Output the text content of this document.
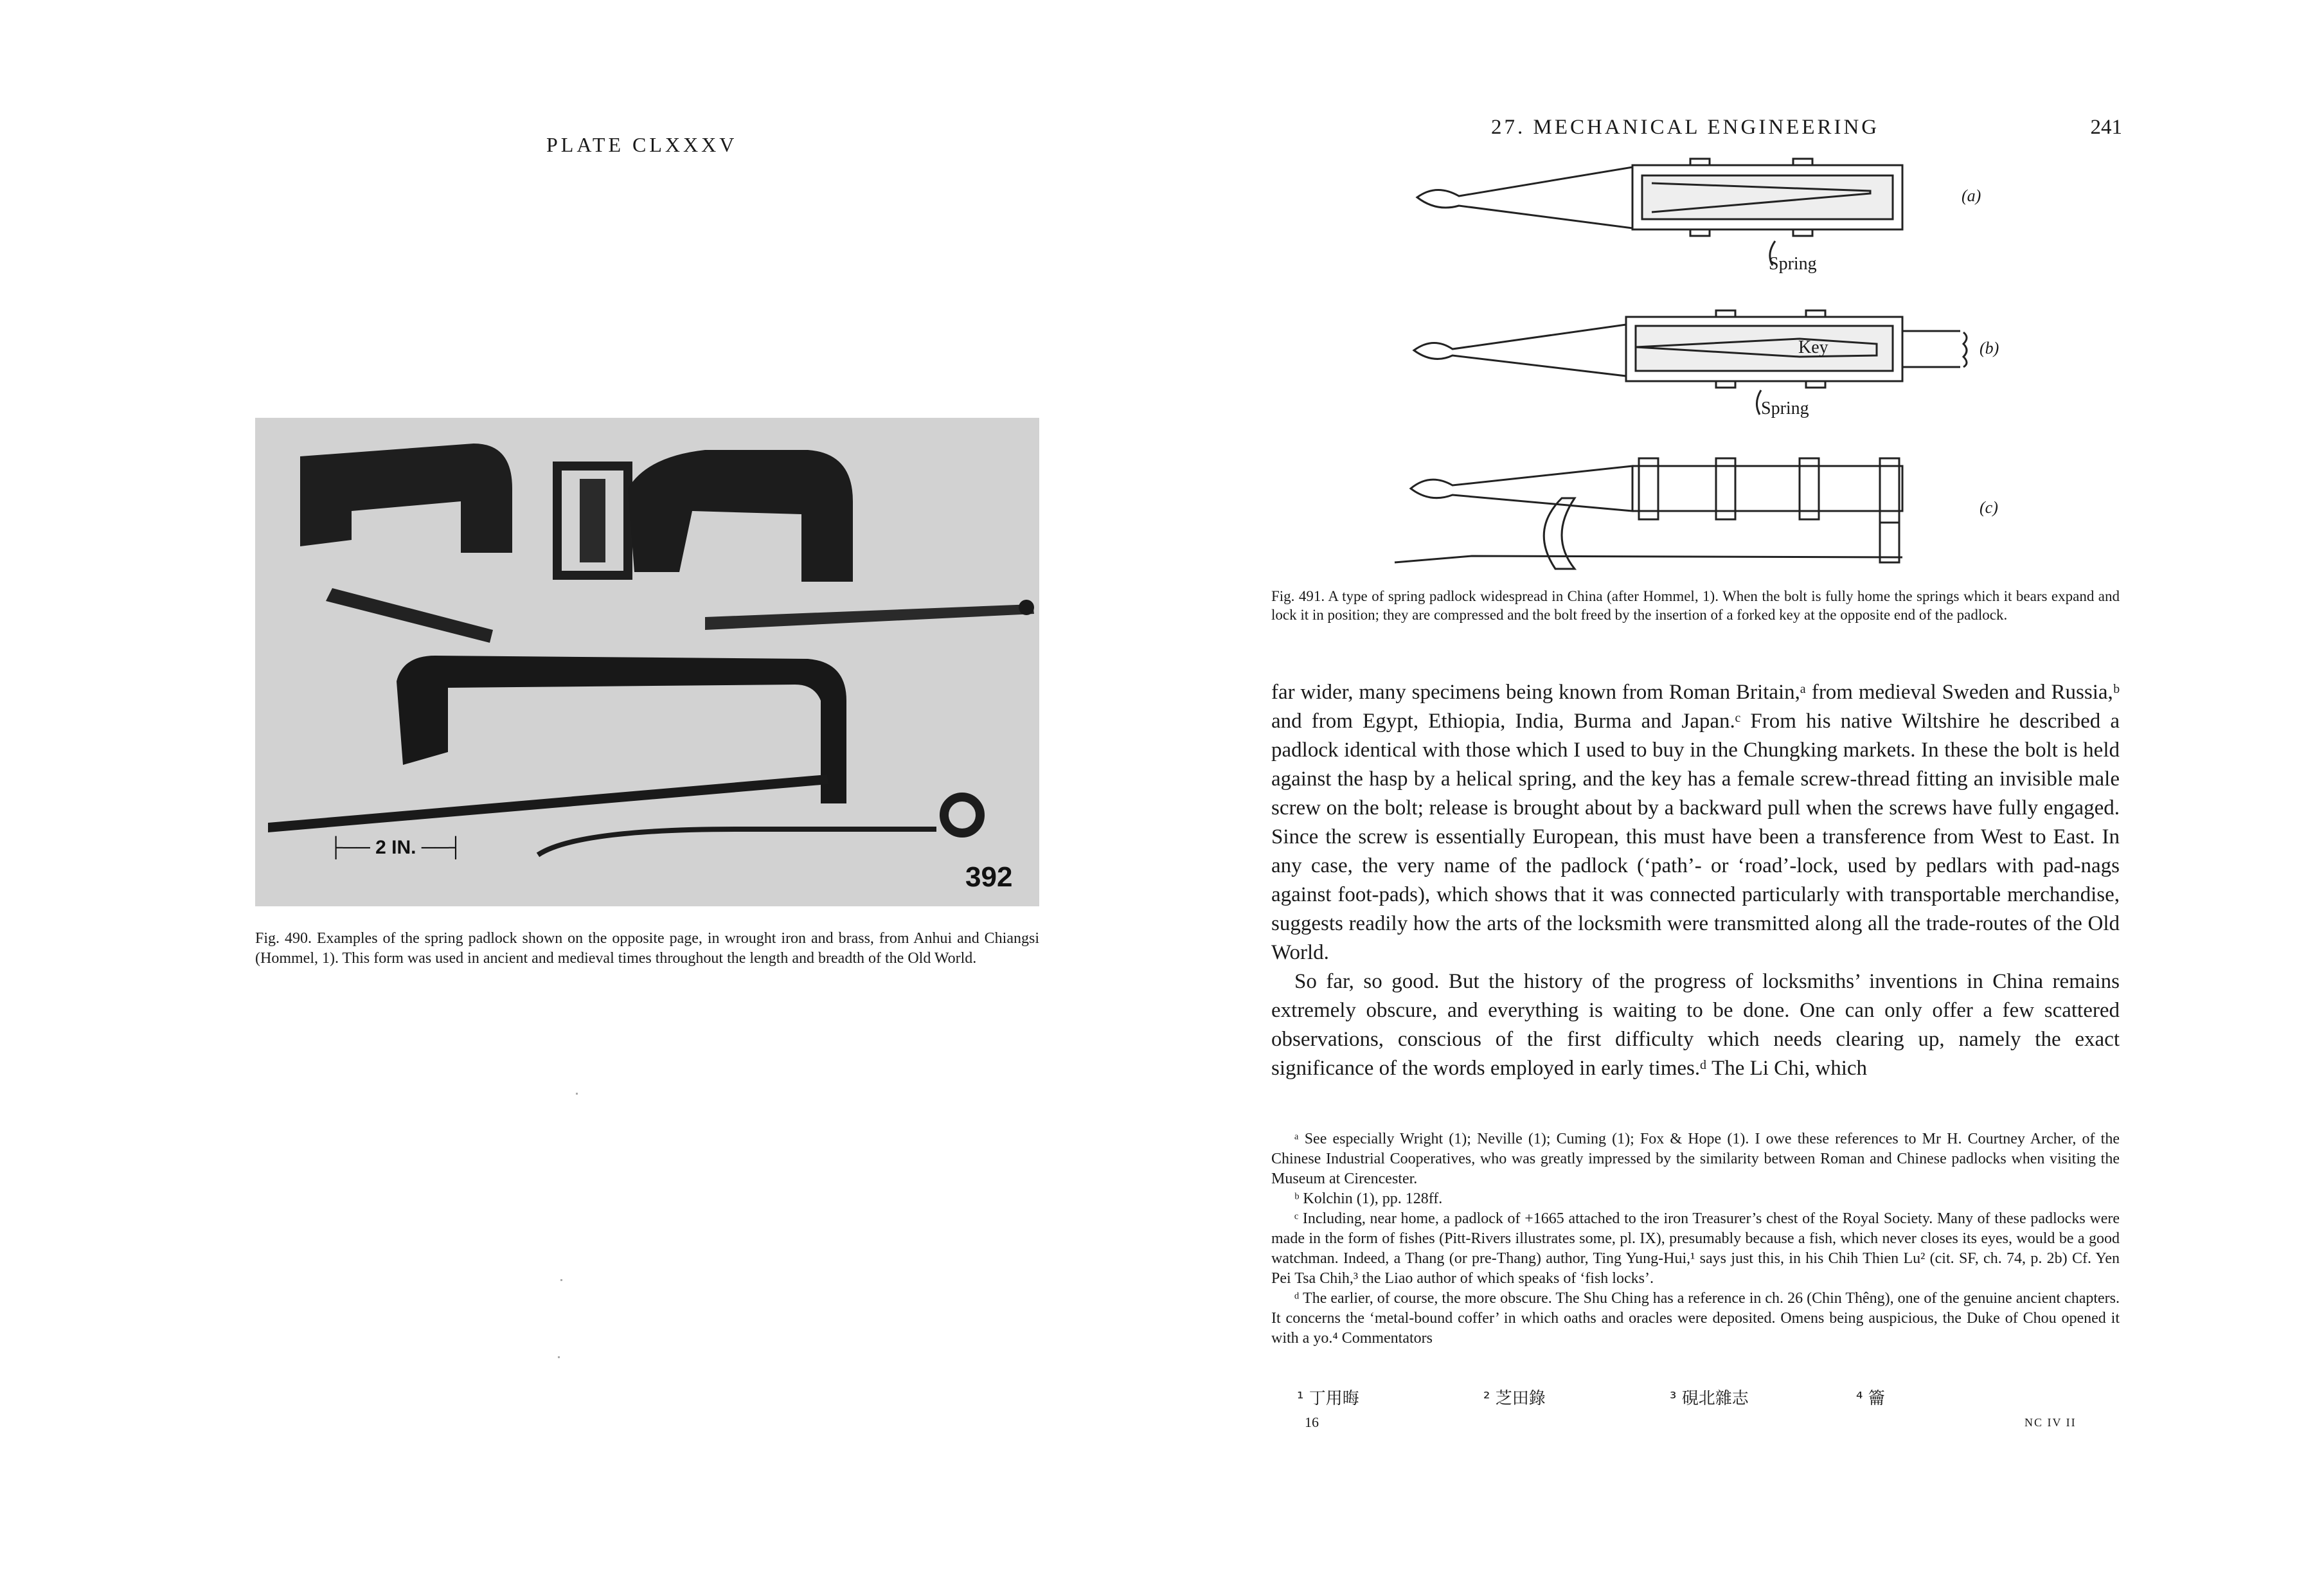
PLATE CLXXXV
├── 2 IN. ──┤
392
Fig. 490. Examples of the spring padlock shown on the opposite page, in wrought iron and brass, from Anhui and Chiangsi (Hommel, 1). This form was used in ancient and medieval times throughout the length and breadth of the Old World.
27. MECHANICAL ENGINEERING	241
(a)
Spring
Key	(b)
Spring
(c)
Fig. 491. A type of spring padlock widespread in China (after Hommel, 1). When the bolt is fully home the springs which it bears expand and lock it in position; they are compressed and the bolt freed by the insertion of a forked key at the opposite end of the padlock.

far wider, many specimens being known from Roman Britain,ᵃ from medieval Sweden and Russia,ᵇ and from Egypt, Ethiopia, India, Burma and Japan.ᶜ From his native Wiltshire he described a padlock identical with those which I used to buy in the Chungking markets. In these the bolt is held against the hasp by a helical spring, and the key has a female screw-thread fitting an invisible male screw on the bolt; release is brought about by a backward pull when the screws have fully engaged. Since the screw is essentially European, this must have been a transference from West to East. In any case, the very name of the padlock (‘path’- or ‘road’-lock, used by pedlars with pad-nags against foot-pads), which shows that it was connected particularly with transportable merchandise, suggests readily how the arts of the locksmith were transmitted along all the trade-routes of the Old World.

So far, so good. But the history of the progress of locksmiths’ inventions in China remains extremely obscure, and everything is waiting to be done. One can only offer a few scattered observations, conscious of the first difficulty which needs clearing up, namely the exact significance of the words employed in early times.ᵈ The Li Chi, which

ᵃ See especially Wright (1); Neville (1); Cuming (1); Fox & Hope (1). I owe these references to Mr H. Courtney Archer, of the Chinese Industrial Cooperatives, who was greatly impressed by the similarity between Roman and Chinese padlocks when visiting the Museum at Cirencester.

ᵇ Kolchin (1), pp. 128ff.

ᶜ Including, near home, a padlock of +1665 attached to the iron Treasurer’s chest of the Royal Society. Many of these padlocks were made in the form of fishes (Pitt-Rivers illustrates some, pl. IX), presumably because a fish, which never closes its eyes, would be a good watchman. Indeed, a Thang (or pre-Thang) author, Ting Yung-Hui,¹ says just this, in his Chih Thien Lu² (cit. SF, ch. 74, p. 2b) Cf. Yen Pei Tsa Chih,³ the Liao author of which speaks of ‘fish locks’.

ᵈ The earlier, of course, the more obscure. The Shu Ching has a reference in ch. 26 (Chin Thêng), one of the genuine ancient chapters. It concerns the ‘metal-bound coffer’ in which oaths and oracles were deposited. Omens being auspicious, the Duke of Chou opened it with a yo.⁴ Commentators

¹ 丁用晦	² 芝田錄	³ 硯北雜志	⁴ 籥
16	NC IV II
